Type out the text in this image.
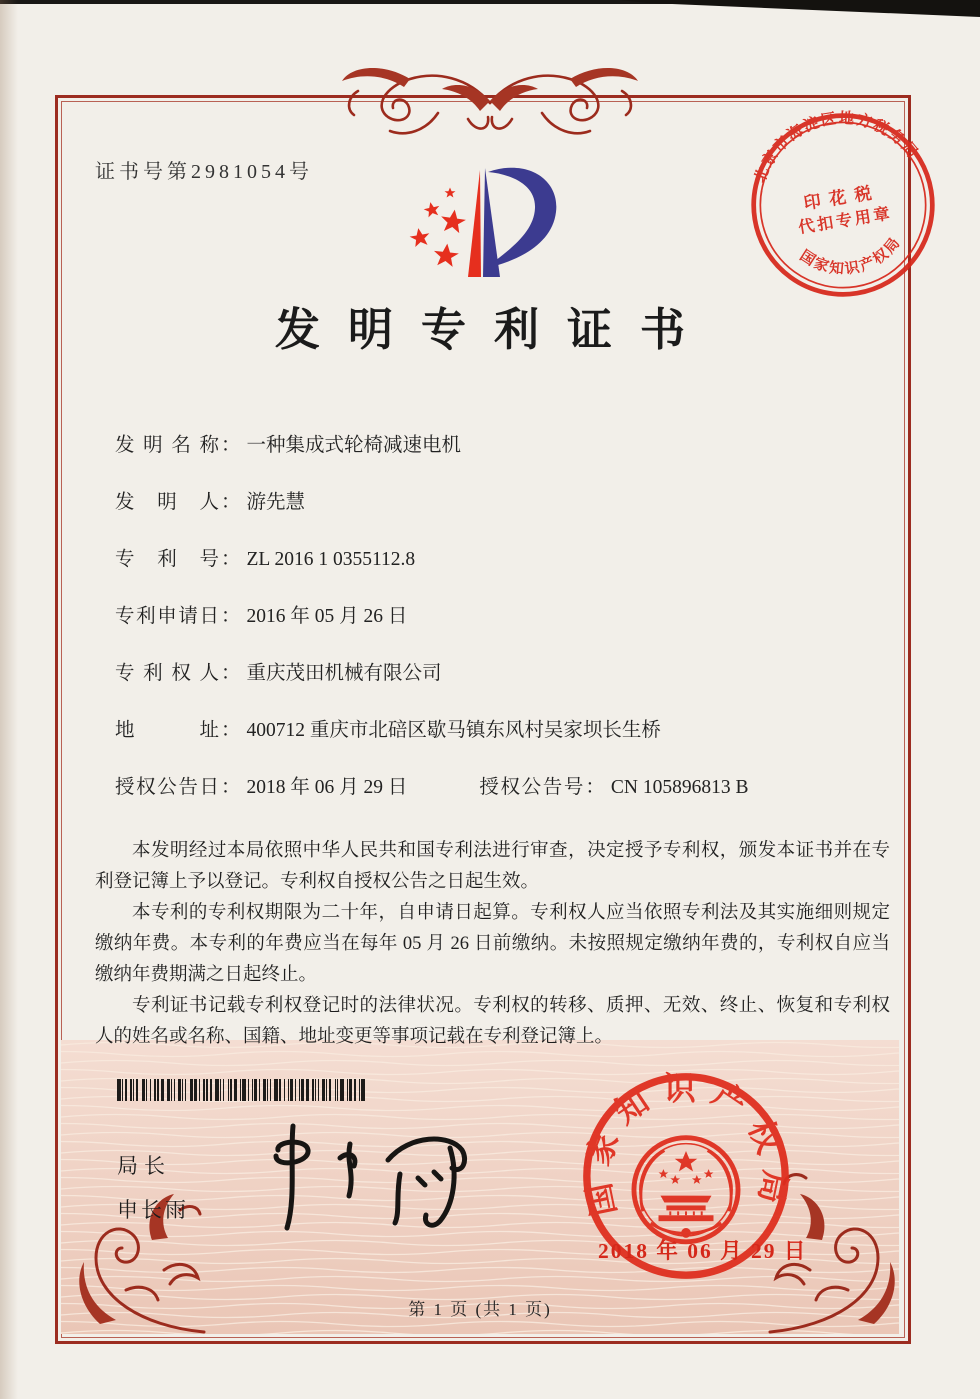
证书号第2981054号	北京市海淀区地方税务局
印花税
代扣专用章
国家知识产权局
发明专利证书
发明名称 ： 一种集成式轮椅减速电机
发明人 ： 游先慧
专利号 ： ZL 2016 1 0355112.8
专利申请日 ： 2016 年 05 月 26 日
专利权人 ： 重庆茂田机械有限公司
地址 ： 400712 重庆市北碚区歇马镇东风村吴家坝长生桥
授权公告日 ： 2018 年 06 月 29 日	授权公告号 ： CN 105896813 B

本发明经过本局依照中华人民共和国专利法进行审查，决定授予专利权，颁发本证书并在专利登记簿上予以登记。专利权自授权公告之日起生效。

本专利的专利权期限为二十年，自申请日起算。专利权人应当依照专利法及其实施细则规定缴纳年费。本专利的年费应当在每年 05 月 26 日前缴纳。未按照规定缴纳年费的，专利权自应当缴纳年费期满之日起终止。

专利证书记载专利权登记时的法律状况。专利权的转移、质押、无效、终止、恢复和专利权人的姓名或名称、国籍、地址变更等事项记载在专利登记簿上。

局长
申长雨	国家知识产权局
2018 年 06 月 29 日
第 1 页 (共 1 页)
